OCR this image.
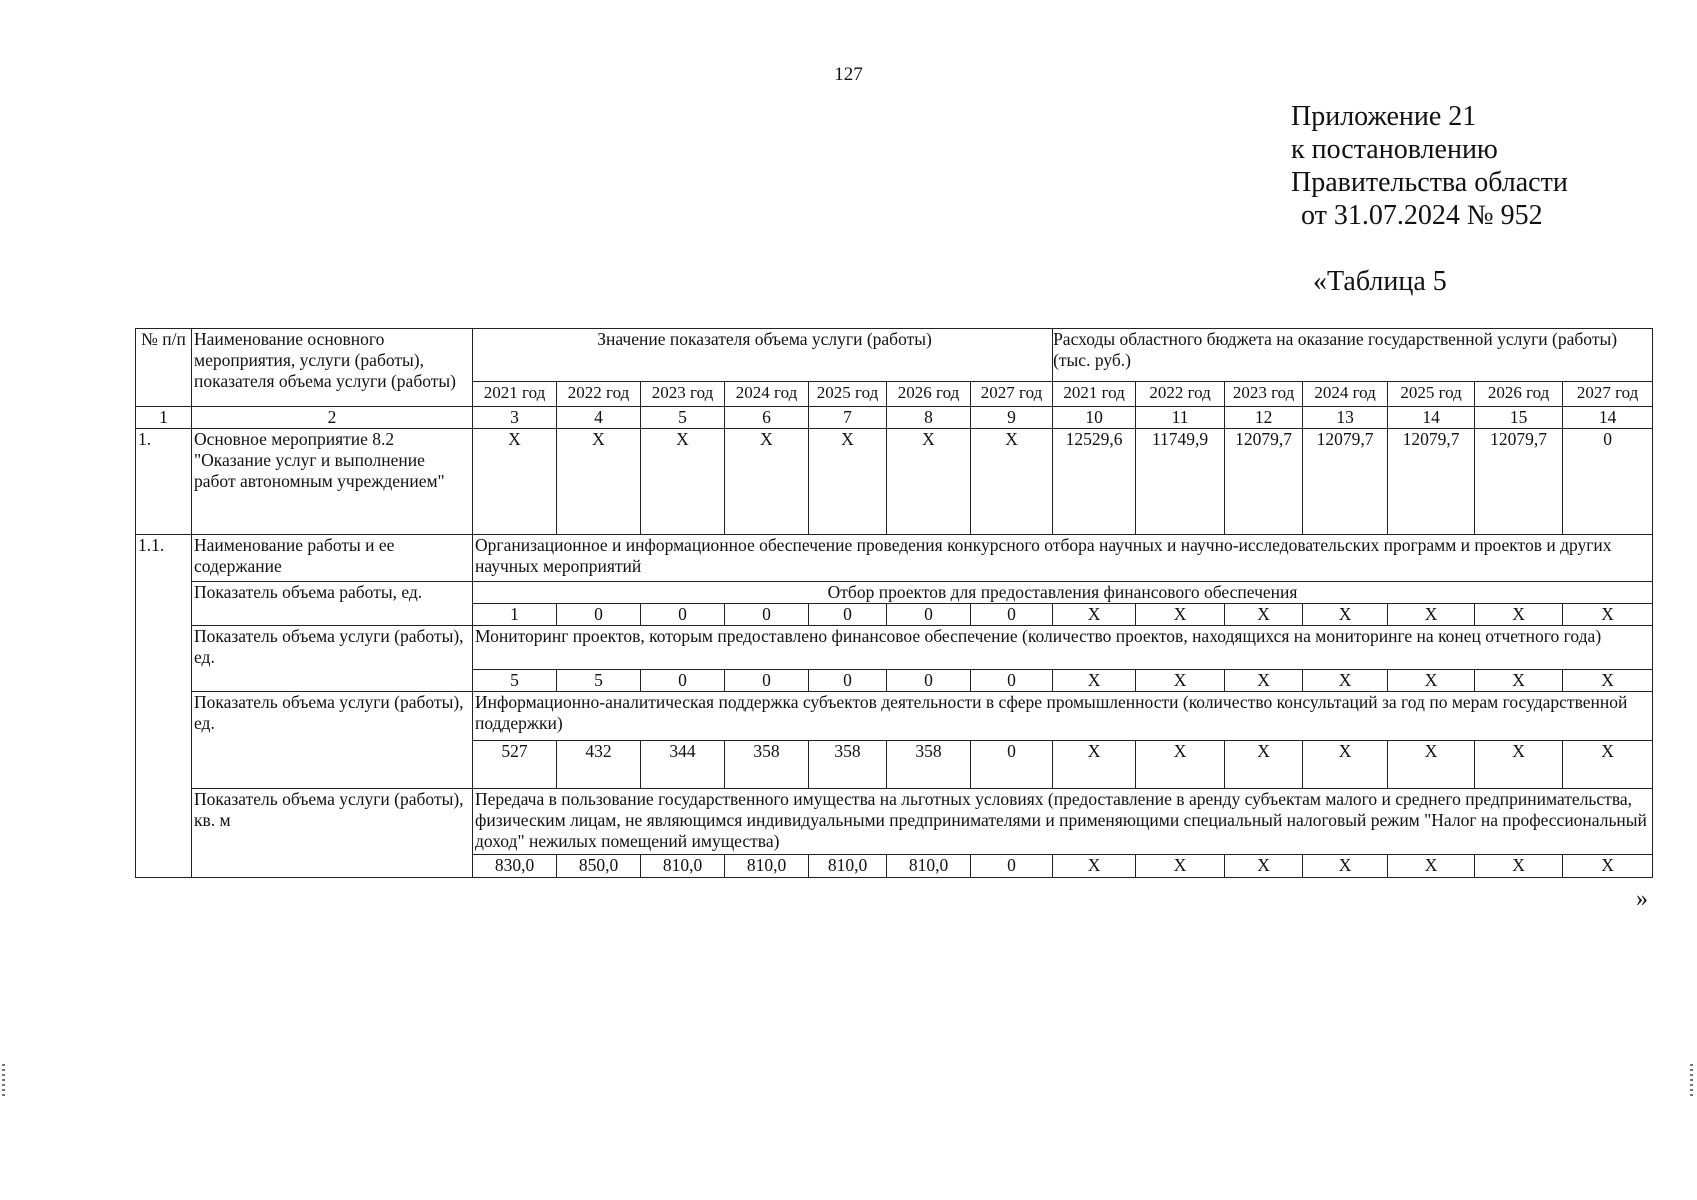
127
Приложение 21
к постановлению
Правительства области
от 31.07.2024 № 952
«Таблица 5
№ п/п	Наименование основного мероприятия, услуги (работы), показателя объема услуги (работы)	Значение показателя объема услуги (работы)							Расходы областного бюджета на оказание государственной услуги (работы) (тыс. руб.)						
		2021 год	2022 год	2023 год	2024 год	2025 год	2026 год	2027 год	2021 год	2022 год	2023 год	2024 год	2025 год	2026 год	2027 год
1	2	3	4	5	6	7	8	9	10	11	12	13	14	15	14
1.	Основное мероприятие 8.2 "Оказание услуг и выполнение работ автономным учреждением"	Х	Х	Х	Х	Х	Х	Х	12529,6	11749,9	12079,7	12079,7	12079,7	12079,7	0
1.1.	Наименование работы и ее содержание	Организационное и информационное обеспечение проведения конкурсного отбора научных и научно-исследовательских программ и проектов и других научных мероприятий													
	Показатель объема работы, ед.	Отбор проектов для предоставления финансового обеспечения													
		1	0	0	0	0	0	0	Х	Х	Х	Х	Х	Х	Х
	Показатель объема услуги (работы), ед.	Мониторинг проектов, которым предоставлено финансовое обеспечение (количество проектов, находящихся на мониторинге на конец отчетного года)													
		5	5	0	0	0	0	0	Х	Х	Х	Х	Х	Х	Х
	Показатель объема услуги (работы), ед.	Информационно-аналитическая поддержка субъектов деятельности в сфере промышленности (количество консультаций за год по мерам государственной поддержки)													
		527	432	344	358	358	358	0	Х	Х	Х	Х	Х	Х	Х
	Показатель объема услуги (работы), кв. м	Передача в пользование государственного имущества на льготных условиях (предоставление в аренду субъектам малого и среднего предпринимательства, физическим лицам, не являющимся индивидуальными предпринимателями и применяющими специальный налоговый режим "Налог на профессиональный доход" нежилых помещений имущества)													
		830,0	850,0	810,0	810,0	810,0	810,0	0	Х	Х	Х	Х	Х	Х	Х
»
